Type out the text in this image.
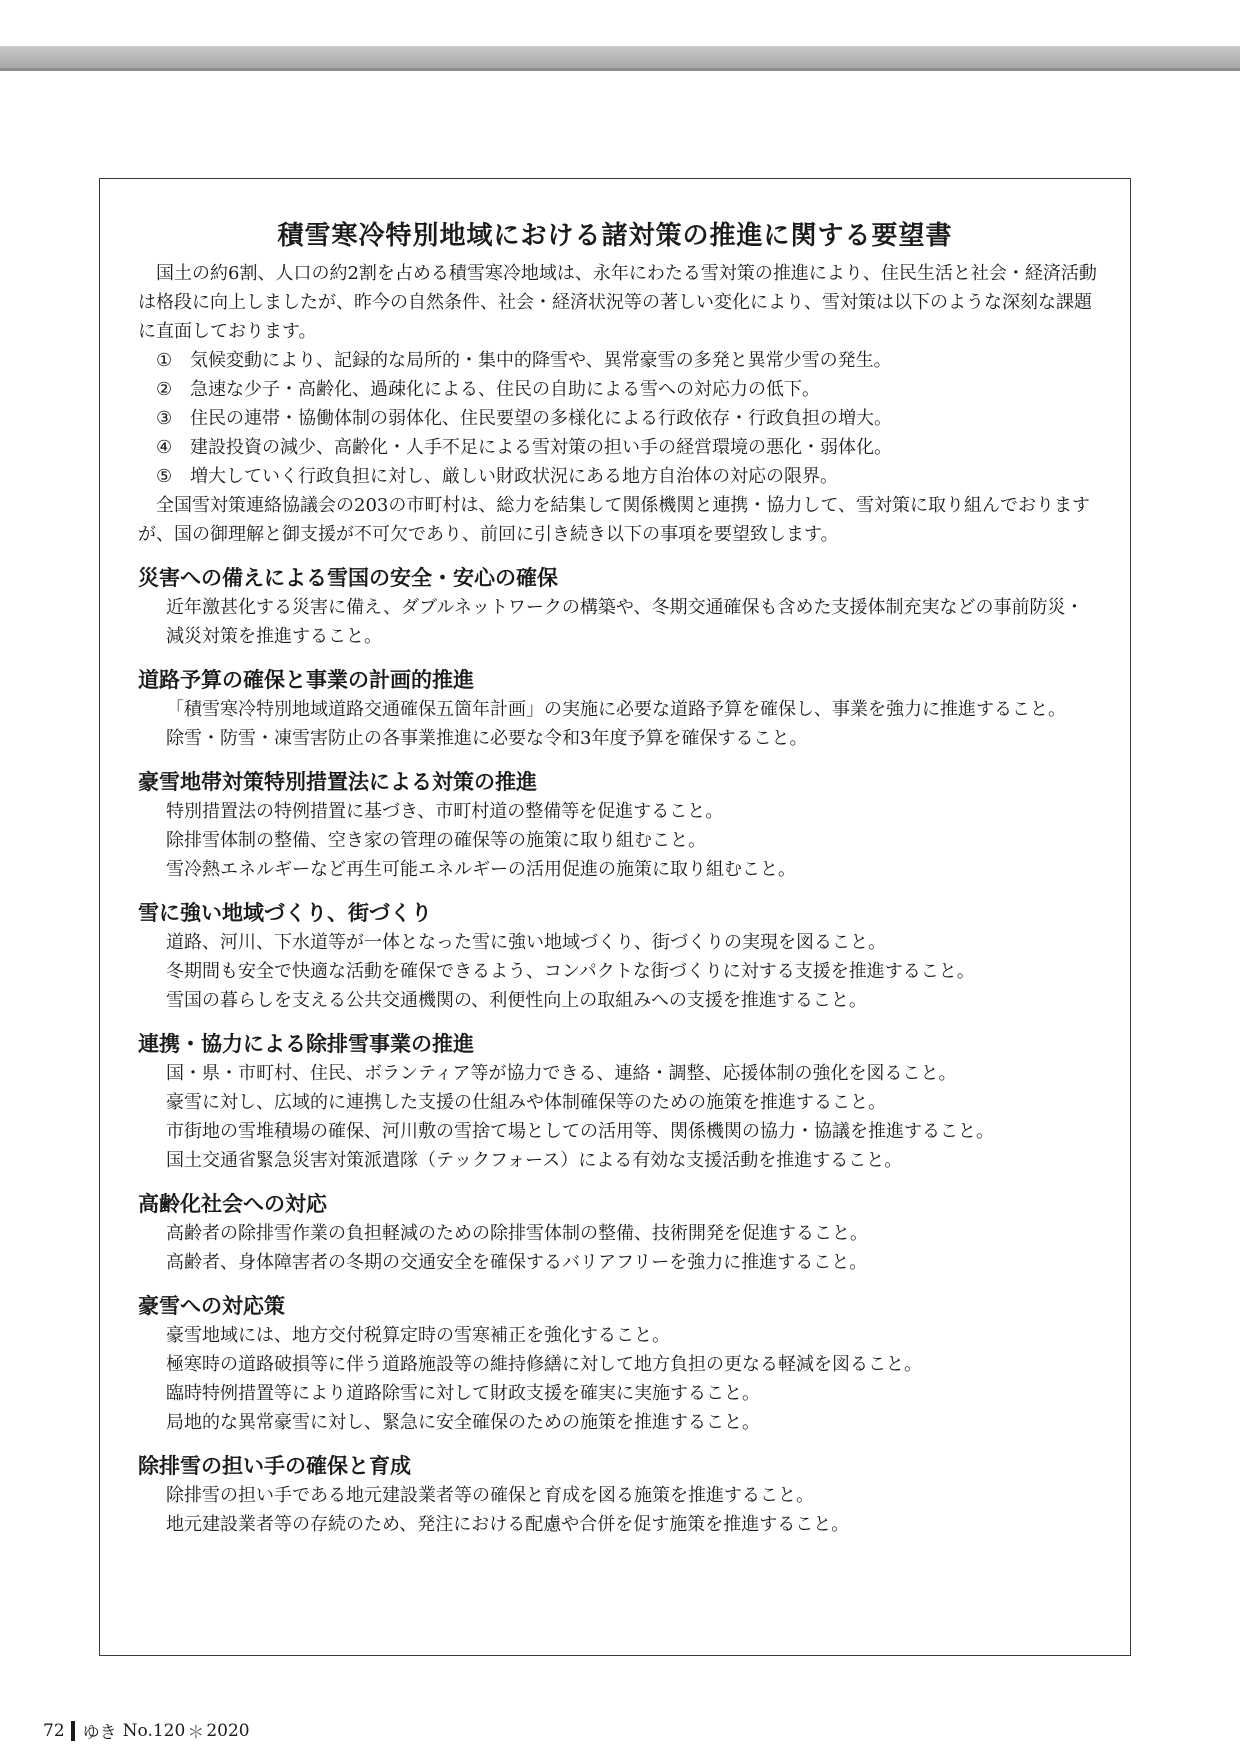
積雪寒冷特別地域における諸対策の推進に関する要望書

国土の約6割、人口の約2割を占める積雪寒冷地域は、永年にわたる雪対策の推進により、住民生活と社会・経済活動は格段に向上しましたが、昨今の自然条件、社会・経済状況等の著しい変化により、雪対策は以下のような深刻な課題に直面しております。

① 気候変動により、記録的な局所的・集中的降雪や、異常豪雪の多発と異常少雪の発生。

② 急速な少子・高齢化、過疎化による、住民の自助による雪への対応力の低下。

③ 住民の連帯・協働体制の弱体化、住民要望の多様化による行政依存・行政負担の増大。

④ 建設投資の減少、高齢化・人手不足による雪対策の担い手の経営環境の悪化・弱体化。

⑤ 増大していく行政負担に対し、厳しい財政状況にある地方自治体の対応の限界。

全国雪対策連絡協議会の203の市町村は、総力を結集して関係機関と連携・協力して、雪対策に取り組んでおりますが、国の御理解と御支援が不可欠であり、前回に引き続き以下の事項を要望致します。

災害への備えによる雪国の安全・安心の確保

近年激甚化する災害に備え、ダブルネットワークの構築や、冬期交通確保も含めた支援体制充実などの事前防災・減災対策を推進すること。

道路予算の確保と事業の計画的推進

「積雪寒冷特別地域道路交通確保五箇年計画」の実施に必要な道路予算を確保し、事業を強力に推進すること。

除雪・防雪・凍雪害防止の各事業推進に必要な令和3年度予算を確保すること。

豪雪地帯対策特別措置法による対策の推進

特別措置法の特例措置に基づき、市町村道の整備等を促進すること。

除排雪体制の整備、空き家の管理の確保等の施策に取り組むこと。

雪冷熱エネルギーなど再生可能エネルギーの活用促進の施策に取り組むこと。

雪に強い地域づくり、街づくり

道路、河川、下水道等が一体となった雪に強い地域づくり、街づくりの実現を図ること。

冬期間も安全で快適な活動を確保できるよう、コンパクトな街づくりに対する支援を推進すること。

雪国の暮らしを支える公共交通機関の、利便性向上の取組みへの支援を推進すること。

連携・協力による除排雪事業の推進

国・県・市町村、住民、ボランティア等が協力できる、連絡・調整、応援体制の強化を図ること。

豪雪に対し、広域的に連携した支援の仕組みや体制確保等のための施策を推進すること。

市街地の雪堆積場の確保、河川敷の雪捨て場としての活用等、関係機関の協力・協議を推進すること。

国土交通省緊急災害対策派遣隊（テックフォース）による有効な支援活動を推進すること。

高齢化社会への対応

高齢者の除排雪作業の負担軽減のための除排雪体制の整備、技術開発を促進すること。

高齢者、身体障害者の冬期の交通安全を確保するバリアフリーを強力に推進すること。

豪雪への対応策

豪雪地域には、地方交付税算定時の雪寒補正を強化すること。

極寒時の道路破損等に伴う道路施設等の維持修繕に対して地方負担の更なる軽減を図ること。

臨時特例措置等により道路除雪に対して財政支援を確実に実施すること。

局地的な異常豪雪に対し、緊急に安全確保のための施策を推進すること。

除排雪の担い手の確保と育成

除排雪の担い手である地元建設業者等の確保と育成を図る施策を推進すること。

地元建設業者等の存続のため、発注における配慮や合併を促す施策を推進すること。

72 ゆき No.120 ＊ 2020
